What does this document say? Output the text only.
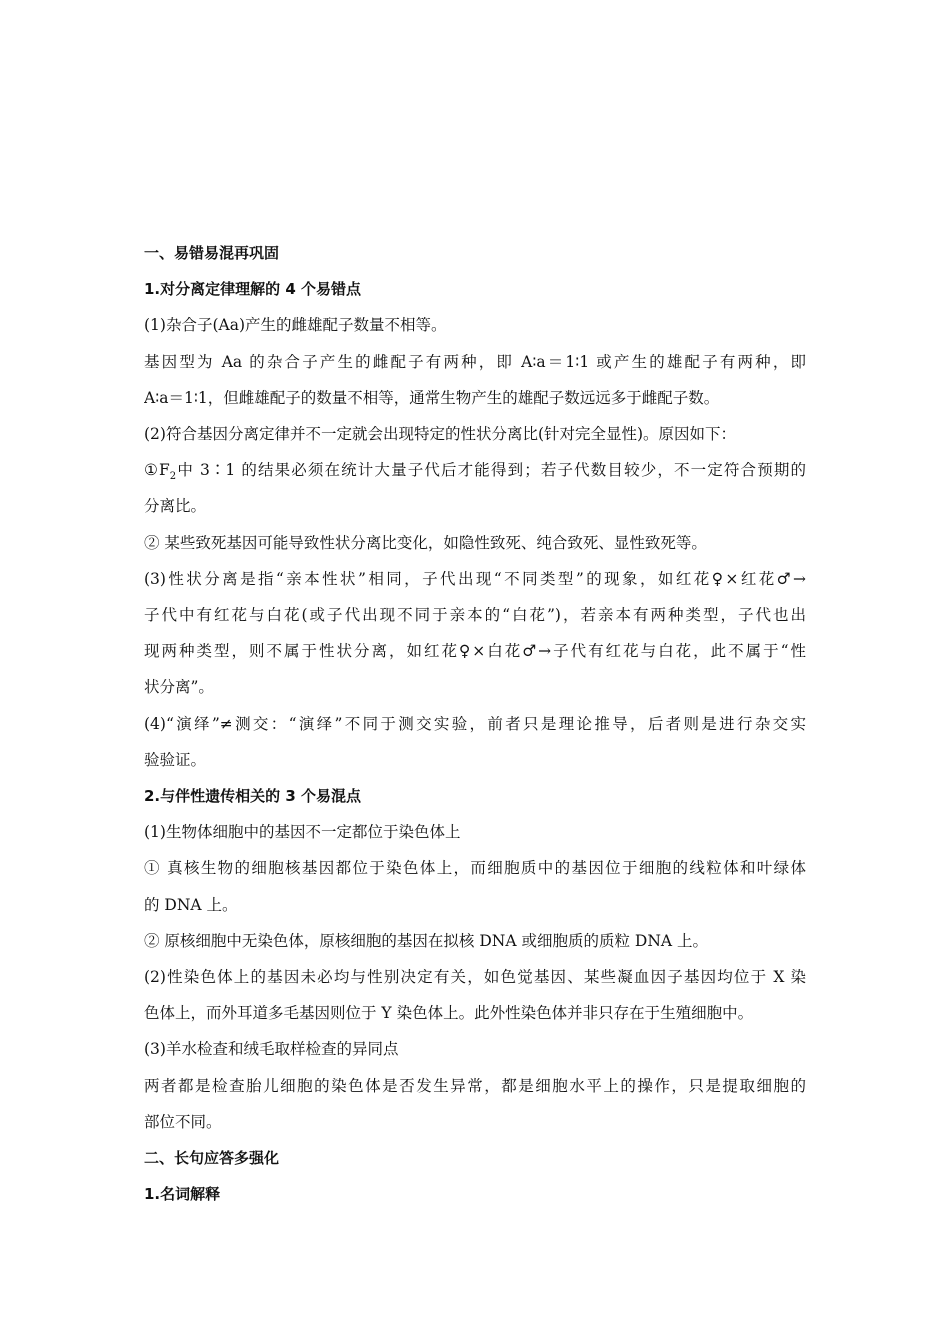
一、易错易混再巩固
1.对分离定律理解的 4 个易错点
(1)杂合子(Aa)产生的雌雄配子数量不相等。
基因型为 Aa 的杂合子产生的雌配子有两种，即 A∶a＝1∶1 或产生的雄配子有两种，即
A∶a＝1∶1，但雌雄配子的数量不相等，通常生物产生的雄配子数远远多于雌配子数。
(2)符合基因分离定律并不一定就会出现特定的性状分离比(针对完全显性)。原因如下：
$①F_2$中 3∶1 的结果必须在统计大量子代后才能得到；若子代数目较少，不一定符合预期的
分离比。
② 某些致死基因可能导致性状分离比变化，如隐性致死、纯合致死、显性致死等。
(3)性状分离是指“亲本性状”相同，子代出现“不同类型”的现象，如红花♀×红花♂→
子代中有红花与白花(或子代出现不同于亲本的“白花”)，若亲本有两种类型，子代也出
现两种类型，则不属于性状分离，如红花♀×白花♂→子代有红花与白花，此不属于“性
状分离”。
(4)“演绎”≠测交：“演绎”不同于测交实验，前者只是理论推导，后者则是进行杂交实
验验证。
2.与伴性遗传相关的 3 个易混点
(1)生物体细胞中的基因不一定都位于染色体上
① 真核生物的细胞核基因都位于染色体上，而细胞质中的基因位于细胞的线粒体和叶绿体
的 DNA 上。
② 原核细胞中无染色体，原核细胞的基因在拟核 DNA 或细胞质的质粒 DNA 上。
(2)性染色体上的基因未必均与性别决定有关，如色觉基因、某些凝血因子基因均位于 X 染
色体上，而外耳道多毛基因则位于 Y 染色体上。此外性染色体并非只存在于生殖细胞中。
(3)羊水检查和绒毛取样检查的异同点
两者都是检查胎儿细胞的染色体是否发生异常，都是细胞水平上的操作，只是提取细胞的
部位不同。
二、长句应答多强化
1.名词解释
